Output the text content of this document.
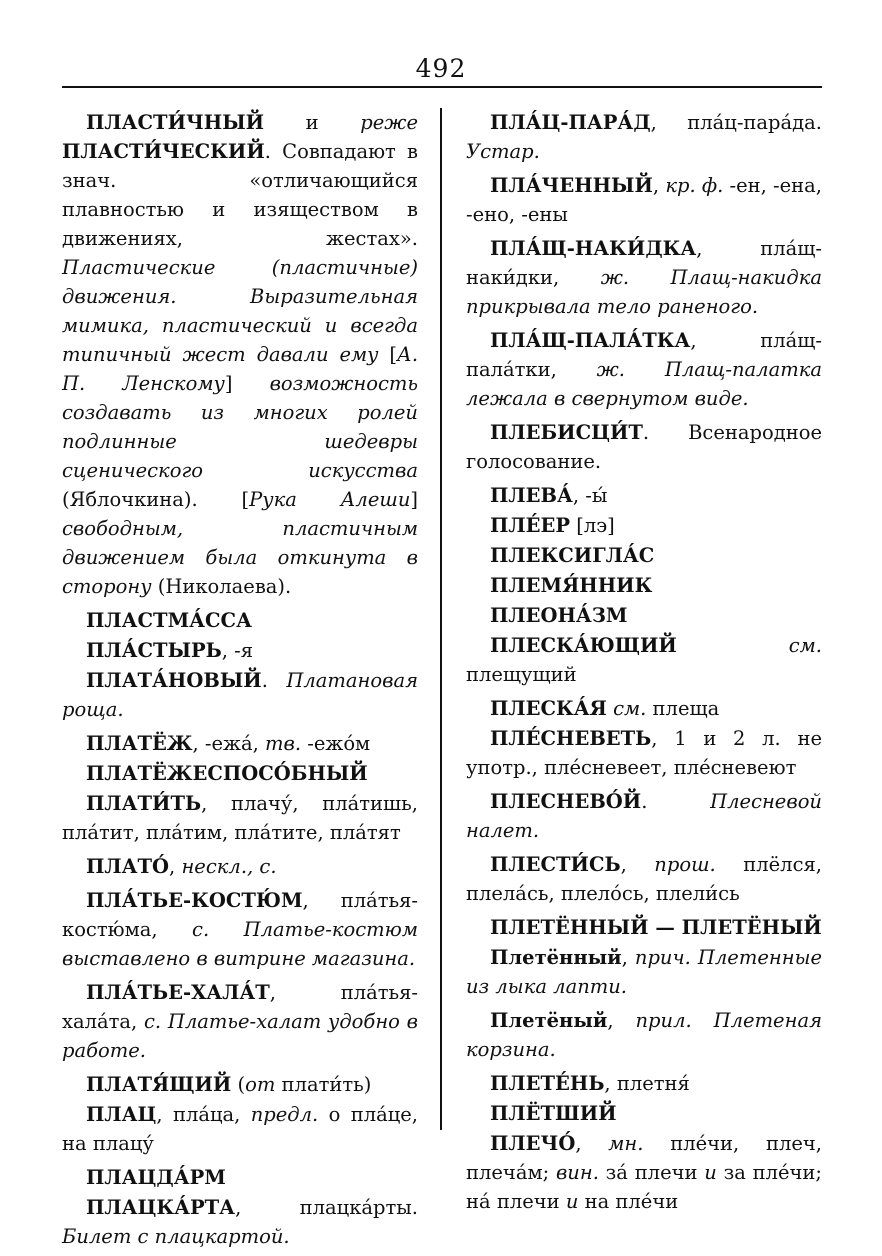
492

ПЛАСТИ́ЧНЫЙ и реже ПЛАСТИ́ЧЕСКИЙ. Совпадают в знач. «отличающийся плавностью и изяществом в движениях, жестах». Пластические (пластичные) движения. Выразительная мимика, пластический и всегда типичный жест давали ему [А. П. Ленскому] возможность создавать из многих ролей подлинные шедевры сценического искусства (Яблочкина). [Рука Алеши] свободным, пластичным движением была откинута в сторону (Николаева).

ПЛАСТМА́ССА

ПЛА́СТЫРЬ, -я

ПЛАТА́НОВЫЙ. Платановая роща.

ПЛАТЁЖ, -ежа́, тв. -ежо́м

ПЛАТЁЖЕСПОСО́БНЫЙ

ПЛАТИ́ТЬ, плачу́, пла́тишь, пла́тит, пла́тим, пла́тите, пла́тят

ПЛАТО́, нескл., с.

ПЛА́ТЬЕ-КОСТЮ́М, пла́тья-костю́ма, с. Платье-костюм выставлено в витрине магазина.

ПЛА́ТЬЕ-ХАЛА́Т, пла́тья-хала́та, с. Платье-халат удобно в работе.

ПЛАТЯ́ЩИЙ (от плати́ть)

ПЛАЦ, пла́ца, предл. о пла́це, на плацу́

ПЛАЦДА́РМ

ПЛАЦКА́РТА, плацка́рты. Билет с плацкартой.

ПЛА́Ц-ПАРА́Д, пла́ц-пара́да. Устар.

ПЛА́ЧЕННЫЙ, кр. ф. -ен, -ена, -ено, -ены

ПЛА́Щ-НАКИ́ДКА, пла́щ-наки́дки, ж. Плащ-накидка прикрывала тело раненого.

ПЛА́Щ-ПАЛА́ТКА, пла́щ-пала́тки, ж. Плащ-палатка лежала в свернутом виде.

ПЛЕБИСЦИ́Т. Всенародное голосование.

ПЛЕВА́, -ы́

ПЛЕ́ЕР [лэ]

ПЛЕКСИГЛА́С

ПЛЕМЯ́ННИК

ПЛЕОНА́ЗМ

ПЛЕСКА́ЮЩИЙ	см. плещущий

ПЛЕСКА́Я см. плеща

ПЛЕ́СНЕВЕТЬ, 1 и 2 л. не употр., пле́сневеет, пле́сневеют

ПЛЕСНЕВО́Й. Плесневой налет.

ПЛЕСТИ́СЬ, прош. плёлся, плела́сь, плело́сь, плели́сь

ПЛЕТЁННЫЙ — ПЛЕТЁНЫЙ

Плетённый, прич. Плетенные из лыка лапти.

Плетёный, прил. Плетеная корзина.

ПЛЕТЕ́НЬ, плетня́

ПЛЁТШИЙ

ПЛЕЧО́, мн. пле́чи, плеч, плеча́м; вин. за́ плечи и за пле́чи; на́ плечи и на пле́чи
